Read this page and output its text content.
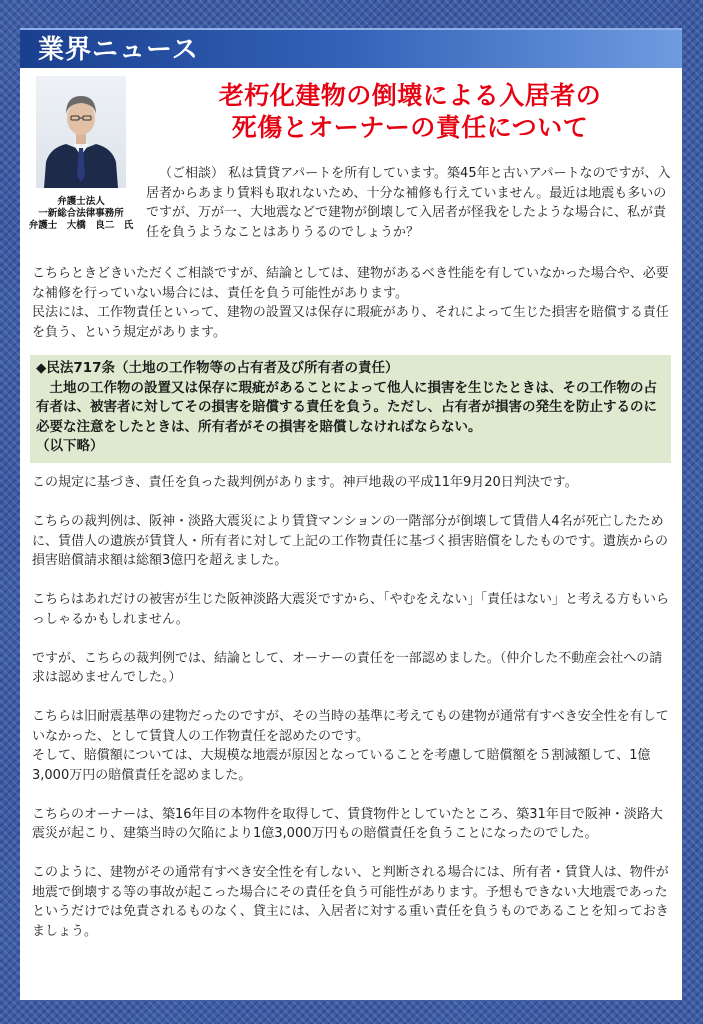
業界ニュース
弁護士法人
一新総合法律事務所
弁護士　大橋　良二　氏
老朽化建物の倒壊による入居者の
死傷とオーナーの責任について

（ご相談） 私は賃貸アパートを所有しています。築45年と古いアパートなのですが、入居者からあまり賃料も取れないため、十分な補修も行えていません。最近は地震も多いのですが、万が一、大地震などで建物が倒壊して入居者が怪我をしたような場合に、私が責任を負うようなことはありうるのでしょうか？

こちらときどきいただくご相談ですが、結論としては、建物があるべき性能を有していなかった場合や、必要な補修を行っていない場合には、責任を負う可能性があります。

民法には、工作物責任といって、建物の設置又は保存に瑕疵があり、それによって生じた損害を賠償する責任を負う、という規定があります。

◆民法717条（土地の工作物等の占有者及び所有者の責任）
土地の工作物の設置又は保存に瑕疵があることによって他人に損害を生じたときは、その工作物の占有者は、被害者に対してその損害を賠償する責任を負う。ただし、占有者が損害の発生を防止するのに必要な注意をしたときは、所有者がその損害を賠償しなければならない。
（以下略）

この規定に基づき、責任を負った裁判例があります。神戸地裁の平成11年9月20日判決です。

こちらの裁判例は、阪神・淡路大震災により賃貸マンションの一階部分が倒壊して賃借人4名が死亡したために、賃借人の遺族が賃貸人・所有者に対して上記の工作物責任に基づく損害賠償をしたものです。遺族からの損害賠償請求額は総額3億円を超えました。

こちらはあれだけの被害が生じた阪神淡路大震災ですから、「やむをえない」「責任はない」と考える方もいらっしゃるかもしれません。

ですが、こちらの裁判例では、結論として、オーナーの責任を一部認めました。（仲介した不動産会社への請求は認めませんでした。）

こちらは旧耐震基準の建物だったのですが、その当時の基準に考えてもの建物が通常有すべき安全性を有していなかった、として賃貸人の工作物責任を認めたのです。
そして、賠償額については、大規模な地震が原因となっていることを考慮して賠償額を５割減額して、1億3,000万円の賠償責任を認めました。

こちらのオーナーは、築16年目の本物件を取得して、賃貸物件としていたところ、築31年目で阪神・淡路大震災が起こり、建築当時の欠陥により1億3,000万円もの賠償責任を負うことになったのでした。

このように、建物がその通常有すべき安全性を有しない、と判断される場合には、所有者・賃貸人は、物件が地震で倒壊する等の事故が起こった場合にその責任を負う可能性があります。予想もできない大地震であったというだけでは免責されるものなく、貸主には、入居者に対する重い責任を負うものであることを知っておきましょう。
